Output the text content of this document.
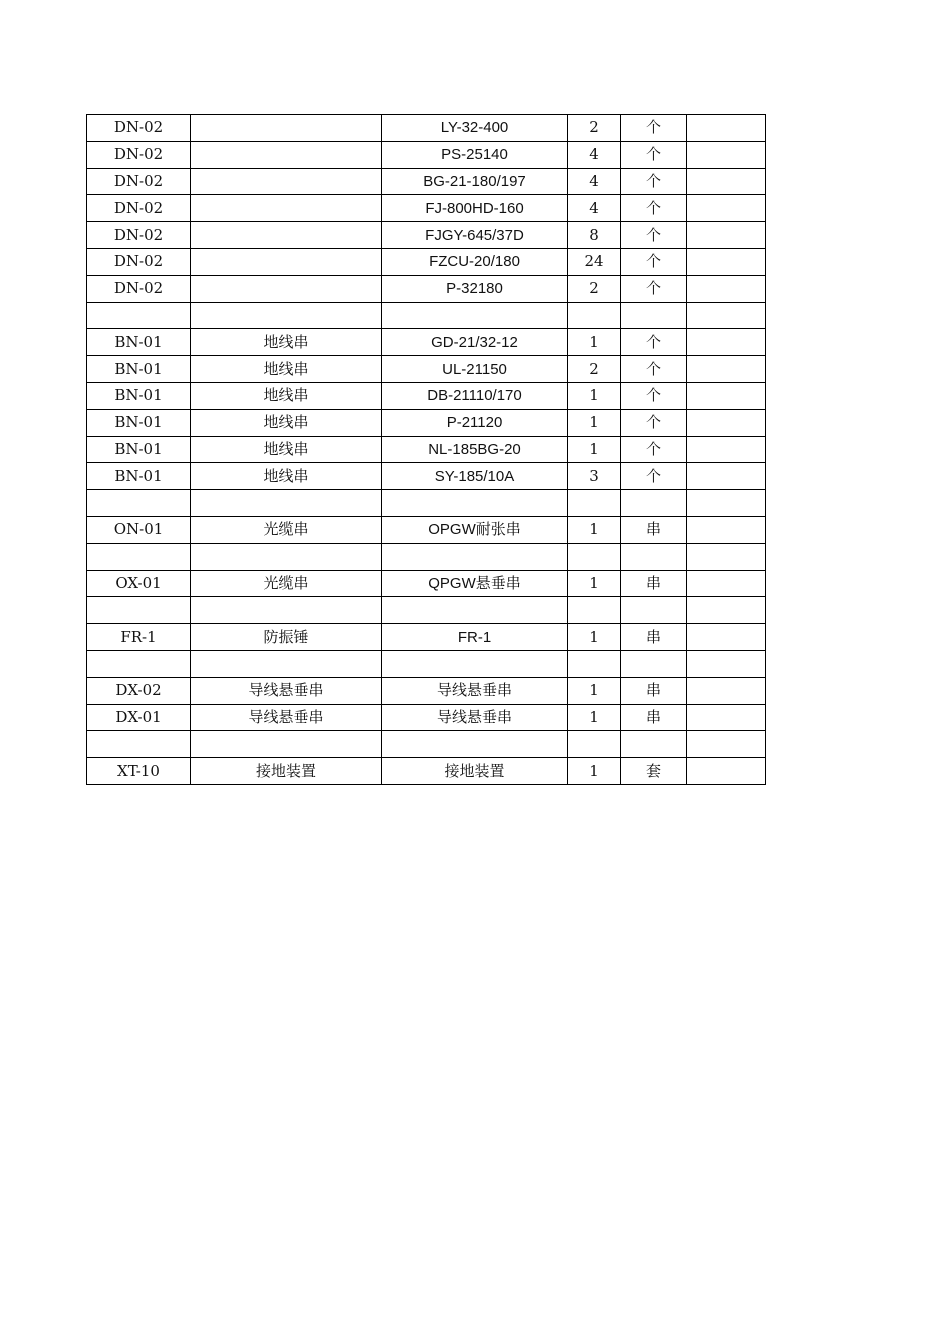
DN-02		LY-32-400	2	个	
DN-02		PS-25140	4	个	
DN-02		BG-21-180/197	4	个	
DN-02		FJ-800HD-160	4	个	
DN-02		FJGY-645/37D	8	个	
DN-02		FZCU-20/180	24	个	
DN-02		P-32180	2	个	

BN-01	地线串	GD-21/32-12	1	个	
BN-01	地线串	UL-21150	2	个	
BN-01	地线串	DB-21110/170	1	个	
BN-01	地线串	P-21120	1	个	
BN-01	地线串	NL-185BG-20	1	个	
BN-01	地线串	SY-185/10A	3	个	

ON-01	光缆串	OPGW耐张串	1	串	

OX-01	光缆串	QPGW悬垂串	1	串	

FR-1	防振锤	FR-1	1	串	

DX-02	导线悬垂串	导线悬垂串	1	串	
DX-01	导线悬垂串	导线悬垂串	1	串	

XT-10	接地装置	接地装置	1	套	
